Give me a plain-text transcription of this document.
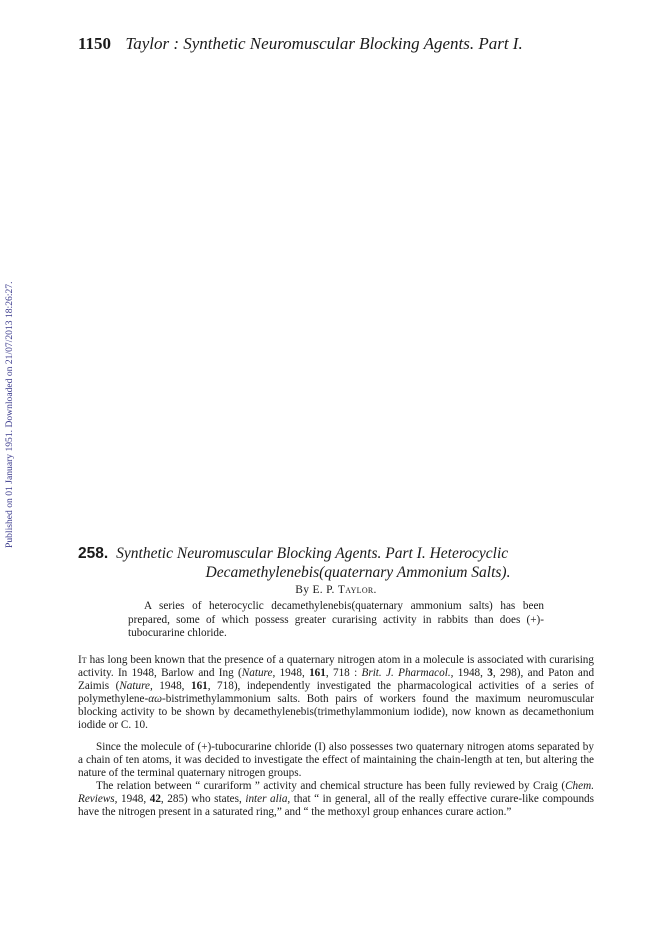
1150 Taylor : Synthetic Neuromuscular Blocking Agents. Part I.
Published on 01 January 1951. Downloaded on 21/07/2013 18:26:27.
258. Synthetic Neuromuscular Blocking Agents. Part I. Heterocyclic
Decamethylenebis(quaternary Ammonium Salts).
By E. P. Taylor.
A series of heterocyclic decamethylenebis(quaternary ammonium salts) has been prepared, some of which possess greater curarising activity in rabbits than does (+)-tubocurarine chloride.

It has long been known that the presence of a quaternary nitrogen atom in a molecule is associated with curarising activity. In 1948, Barlow and Ing (Nature, 1948, 161, 718 : Brit. J. Pharmacol., 1948, 3, 298), and Paton and Zaimis (Nature, 1948, 161, 718), independently investigated the pharmacological activities of a series of polymethylene-αω-bistrimethylammonium salts. Both pairs of workers found the maximum neuromuscular blocking activity to be shown by decamethylenebis(trimethylammonium iodide), now known as decamethonium iodide or C. 10.

Since the molecule of (+)-tubocurarine chloride (I) also possesses two quaternary nitrogen atoms separated by a chain of ten atoms, it was decided to investigate the effect of maintaining the chain-length at ten, but altering the nature of the terminal quaternary nitrogen groups.

The relation between “ curariform ” activity and chemical structure has been fully reviewed by Craig (Chem. Reviews, 1948, 42, 285) who states, inter alia, that “ in general, all of the really effective curare-like compounds have the nitrogen present in a saturated ring,” and “ the methoxyl group enhances curare action.”
